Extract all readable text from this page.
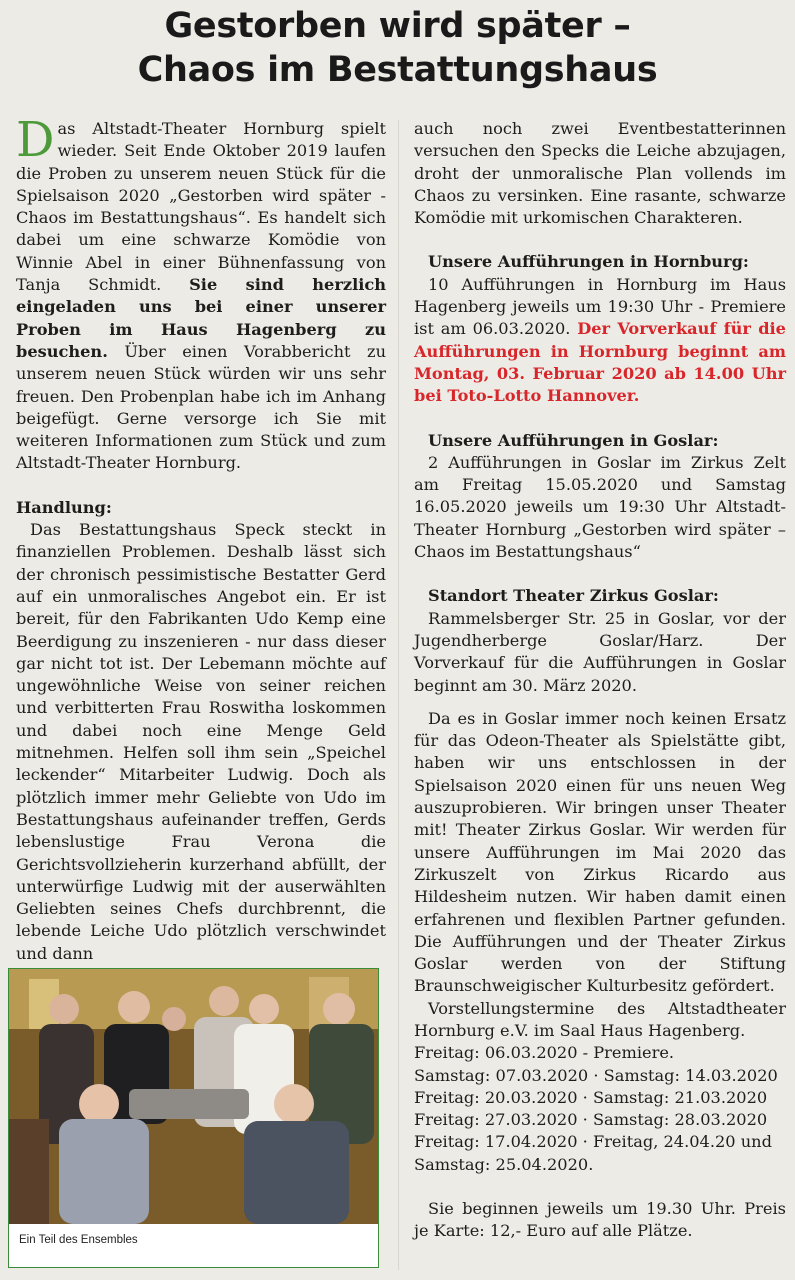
Gestorben wird später –
Chaos im Bestattungshaus

Das Altstadt-Theater Hornburg spielt wieder. Seit Ende Oktober 2019 laufen die Proben zu unserem neuen Stück für die Spielsaison 2020 „Gestorben wird später - Chaos im Bestattungshaus“. Es handelt sich dabei um eine schwarze Komödie von Winnie Abel in einer Bühnenfassung von Tanja Schmidt. Sie sind herzlich eingeladen uns bei einer unserer Proben im Haus Hagenberg zu besuchen. Über einen Vorabbericht zu unserem neuen Stück würden wir uns sehr freuen. Den Probenplan habe ich im Anhang beigefügt. Gerne versorge ich Sie mit weiteren Informationen zum Stück und zum Altstadt-Theater Hornburg.

Handlung:

Das Bestattungshaus Speck steckt in finanziellen Problemen. Deshalb lässt sich der chronisch pessimistische Bestatter Gerd auf ein unmoralisches Angebot ein. Er ist bereit, für den Fabrikanten Udo Kemp eine Beerdigung zu inszenieren - nur dass dieser gar nicht tot ist. Der Lebemann möchte auf ungewöhnliche Weise von seiner reichen und verbitterten Frau Roswitha loskommen und dabei noch eine Menge Geld mitnehmen. Helfen soll ihm sein „Speichel leckender“ Mitarbeiter Ludwig. Doch als plötzlich immer mehr Geliebte von Udo im Bestattungshaus aufeinander treffen, Gerds lebenslustige Frau Verona die Gerichtsvollzieherin kurzerhand abfüllt, der unterwürfige Ludwig mit der auserwählten Geliebten seines Chefs durchbrennt, die lebende Leiche Udo plötzlich verschwindet und dann

Ein Teil des Ensembles

auch noch zwei Eventbestatterinnen versuchen den Specks die Leiche abzujagen, droht der unmoralische Plan vollends im Chaos zu versinken. Eine rasante, schwarze Komödie mit urkomischen Charakteren.

Unsere Aufführungen in Hornburg:

10 Aufführungen in Hornburg im Haus Hagenberg jeweils um 19:30 Uhr - Premiere ist am 06.03.2020. Der Vorverkauf für die Aufführungen in Hornburg beginnt am Montag, 03. Februar 2020 ab 14.00 Uhr bei Toto-Lotto Hannover.

Unsere Aufführungen in Goslar:

2 Aufführungen in Goslar im Zirkus Zelt am Freitag 15.05.2020 und Samstag 16.05.2020 jeweils um 19:30 Uhr Altstadt-Theater Hornburg „Gestorben wird später – Chaos im Bestattungshaus“

Standort Theater Zirkus Goslar:

Rammelsberger Str. 25 in Goslar, vor der Jugendherberge Goslar/Harz. Der Vorverkauf für die Aufführungen in Goslar beginnt am 30. März 2020.

Da es in Goslar immer noch keinen Ersatz für das Odeon-Theater als Spielstätte gibt, haben wir uns entschlossen in der Spielsaison 2020 einen für uns neuen Weg auszuprobieren. Wir bringen unser Theater mit! Theater Zirkus Goslar. Wir werden für unsere Aufführungen im Mai 2020 das Zirkuszelt von Zirkus Ricardo aus Hildesheim nutzen. Wir haben damit einen erfahrenen und flexiblen Partner gefunden. Die Aufführungen und der Theater Zirkus Goslar werden von der Stiftung Braunschweigischer Kulturbesitz gefördert.

Vorstellungstermine des Altstadtheater Hornburg e.V. im Saal Haus Hagenberg.

Freitag: 06.03.2020 - Premiere.

Samstag: 07.03.2020 · Samstag: 14.03.2020

Freitag: 20.03.2020 · Samstag: 21.03.2020

Freitag: 27.03.2020 · Samstag: 28.03.2020

Freitag: 17.04.2020 · Freitag, 24.04.20 und

Samstag: 25.04.2020.

Sie beginnen jeweils um 19.30 Uhr. Preis je Karte: 12,- Euro auf alle Plätze.
